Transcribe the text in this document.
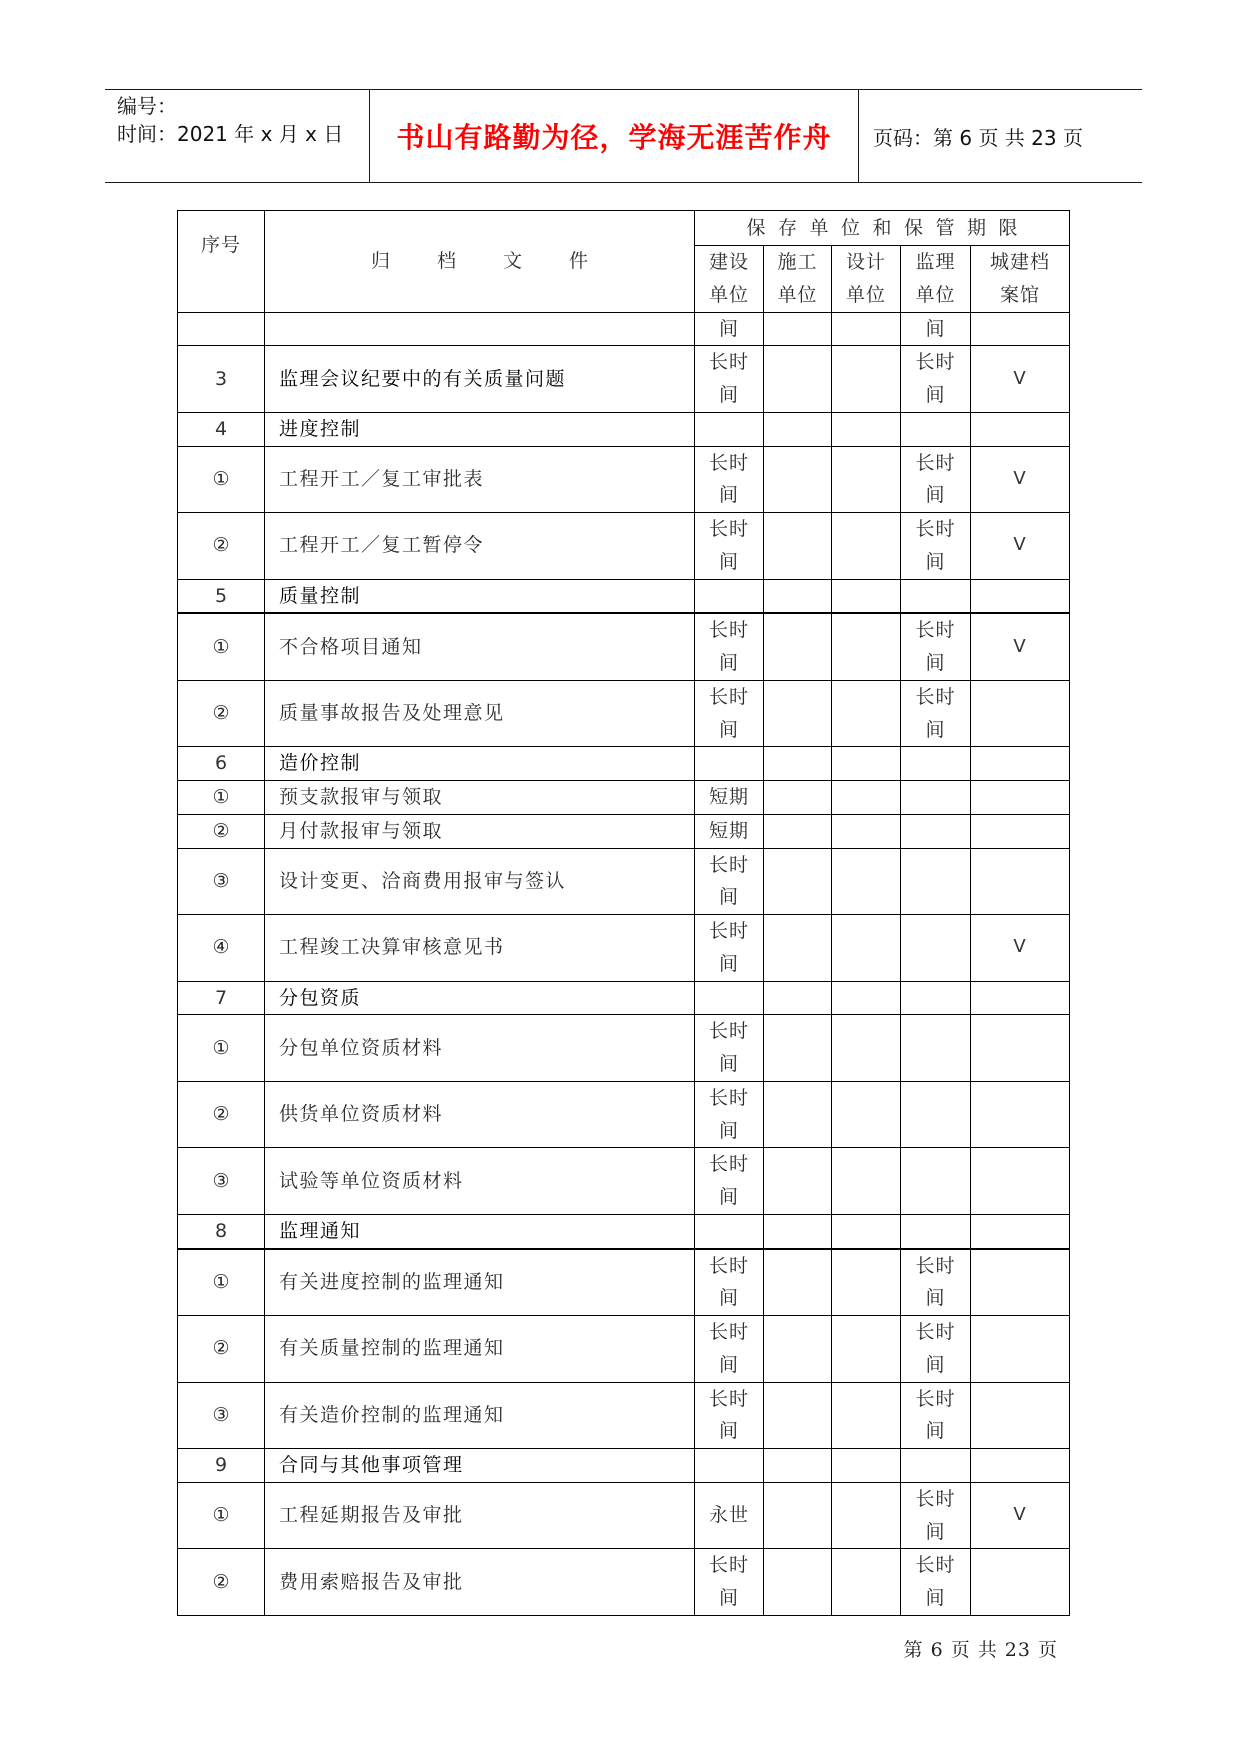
编号：
时间：2021 年 x 月 x 日	书山有路勤为径，学海无涯苦作舟 页码：第 6 页 共 23 页
序号	归档文件	保存单位和保管期限				
		建设单位	施工单位	设计单位	监理单位	城建档案馆
		间			间	
3	监理会议纪要中的有关质量问题	长时间			长时间	V
4	进度控制					
①	工程开工／复工审批表	长时间			长时间	V
②	工程开工／复工暂停令	长时间			长时间	V
5	质量控制					
①	不合格项目通知	长时间			长时间	V
②	质量事故报告及处理意见	长时间			长时间	
6	造价控制					
①	预支款报审与领取	短期				
②	月付款报审与领取	短期				
③	设计变更、洽商费用报审与签认	长时间				
④	工程竣工决算审核意见书	长时间				V
7	分包资质					
①	分包单位资质材料	长时间				
②	供货单位资质材料	长时间				
③	试验等单位资质材料	长时间				
8	监理通知					
①	有关进度控制的监理通知	长时间			长时间	
②	有关质量控制的监理通知	长时间			长时间	
③	有关造价控制的监理通知	长时间			长时间	
9	合同与其他事项管理					
①	工程延期报告及审批	永世			长时间	V
②	费用索赔报告及审批	长时间			长时间	
第 6 页 共 23 页
